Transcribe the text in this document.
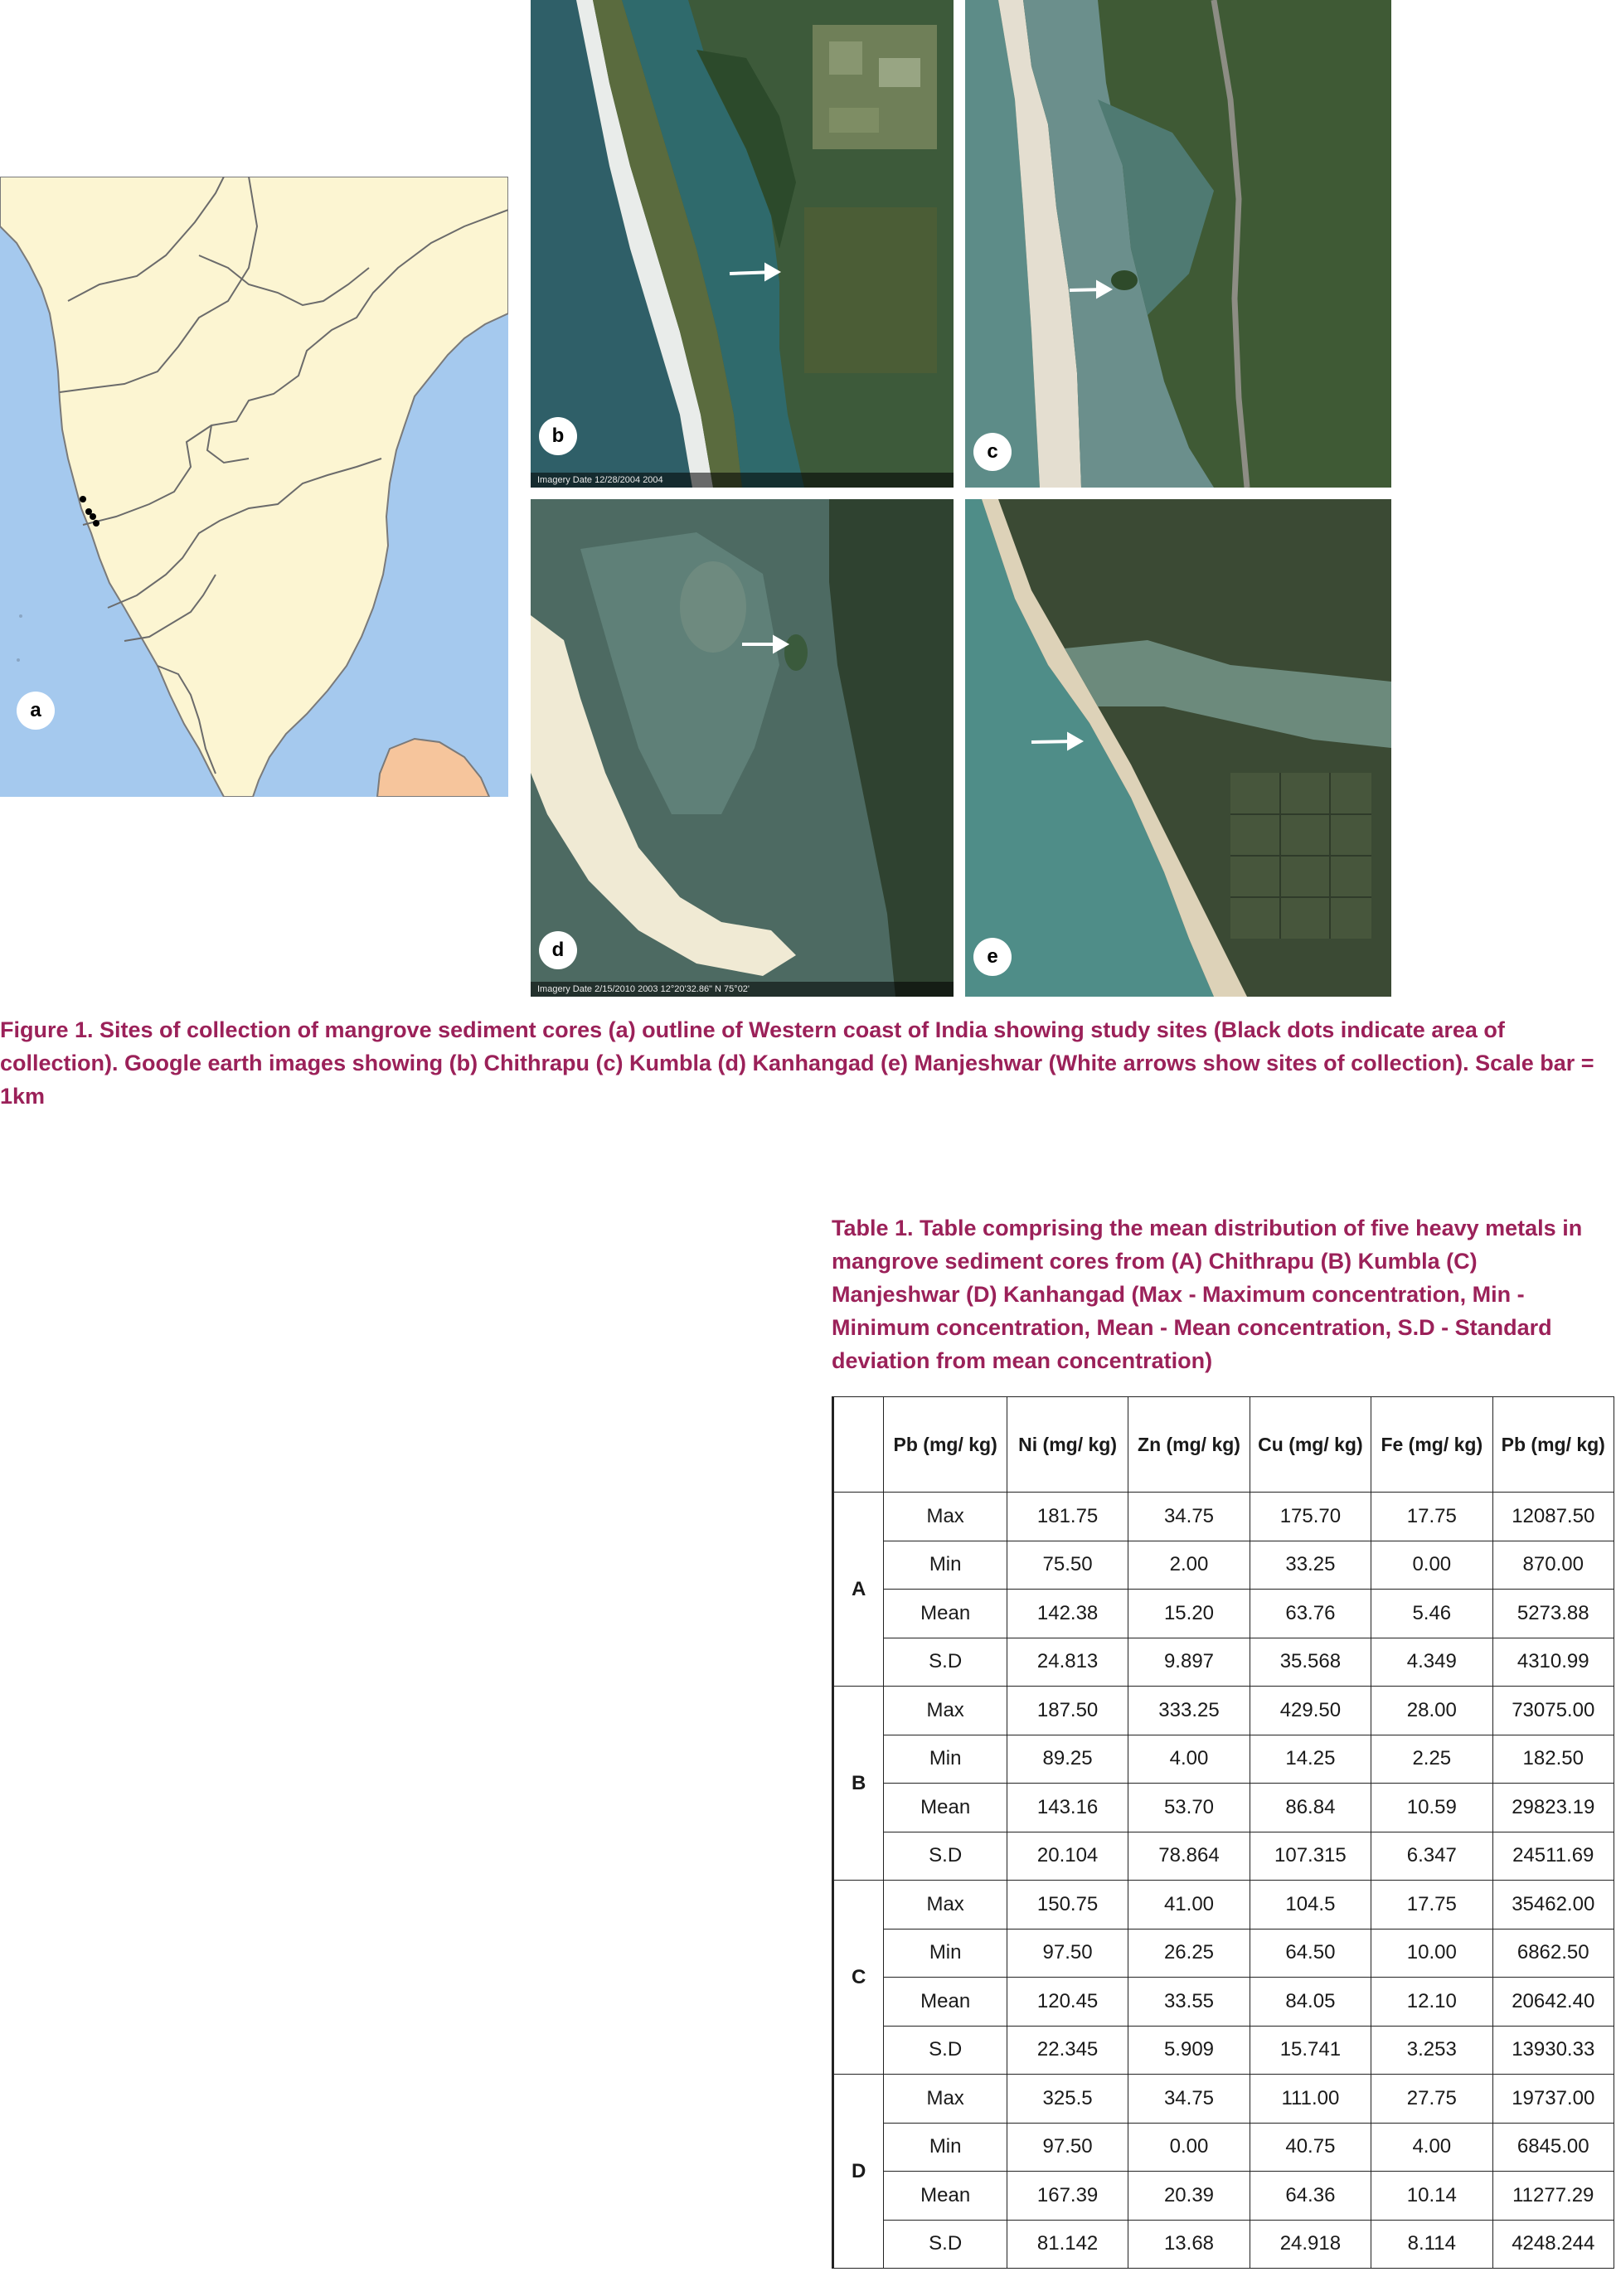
a
Imagery Date 12/28/2004 2004
b
c
Imagery Date 2/15/2010 2003 12°20'32.86" N 75°02'
d	e

Figure 1. Sites of collection of mangrove sediment cores (a) outline of Western coast of India showing study sites (Black dots indicate area of collection). Google earth images showing (b) Chithrapu (c) Kumbla (d) Kanhangad (e) Manjeshwar (White arrows show sites of collection). Scale bar = 1km

Table 1. Table comprising the mean distribution of five heavy metals in mangrove sediment cores from (A) Chithrapu (B) Kumbla (C) Manjeshwar (D) Kanhangad (Max - Maximum concentration, Min - Minimum concentration, Mean - Mean concentration, S.D - Standard deviation from mean concentration)

	Pb (mg/ kg)	Ni (mg/ kg)	Zn (mg/ kg)	Cu (mg/ kg)	Fe (mg/ kg)	Pb (mg/ kg)
A	Max	181.75	34.75	175.70	17.75	12087.50
	Min	75.50	2.00	33.25	0.00	870.00
	Mean	142.38	15.20	63.76	5.46	5273.88
	S.D	24.813	9.897	35.568	4.349	4310.99
B	Max	187.50	333.25	429.50	28.00	73075.00
	Min	89.25	4.00	14.25	2.25	182.50
	Mean	143.16	53.70	86.84	10.59	29823.19
	S.D	20.104	78.864	107.315	6.347	24511.69
C	Max	150.75	41.00	104.5	17.75	35462.00
	Min	97.50	26.25	64.50	10.00	6862.50
	Mean	120.45	33.55	84.05	12.10	20642.40
	S.D	22.345	5.909	15.741	3.253	13930.33
D	Max	325.5	34.75	111.00	27.75	19737.00
	Min	97.50	0.00	40.75	4.00	6845.00
	Mean	167.39	20.39	64.36	10.14	11277.29
	S.D	81.142	13.68	24.918	8.114	4248.244
